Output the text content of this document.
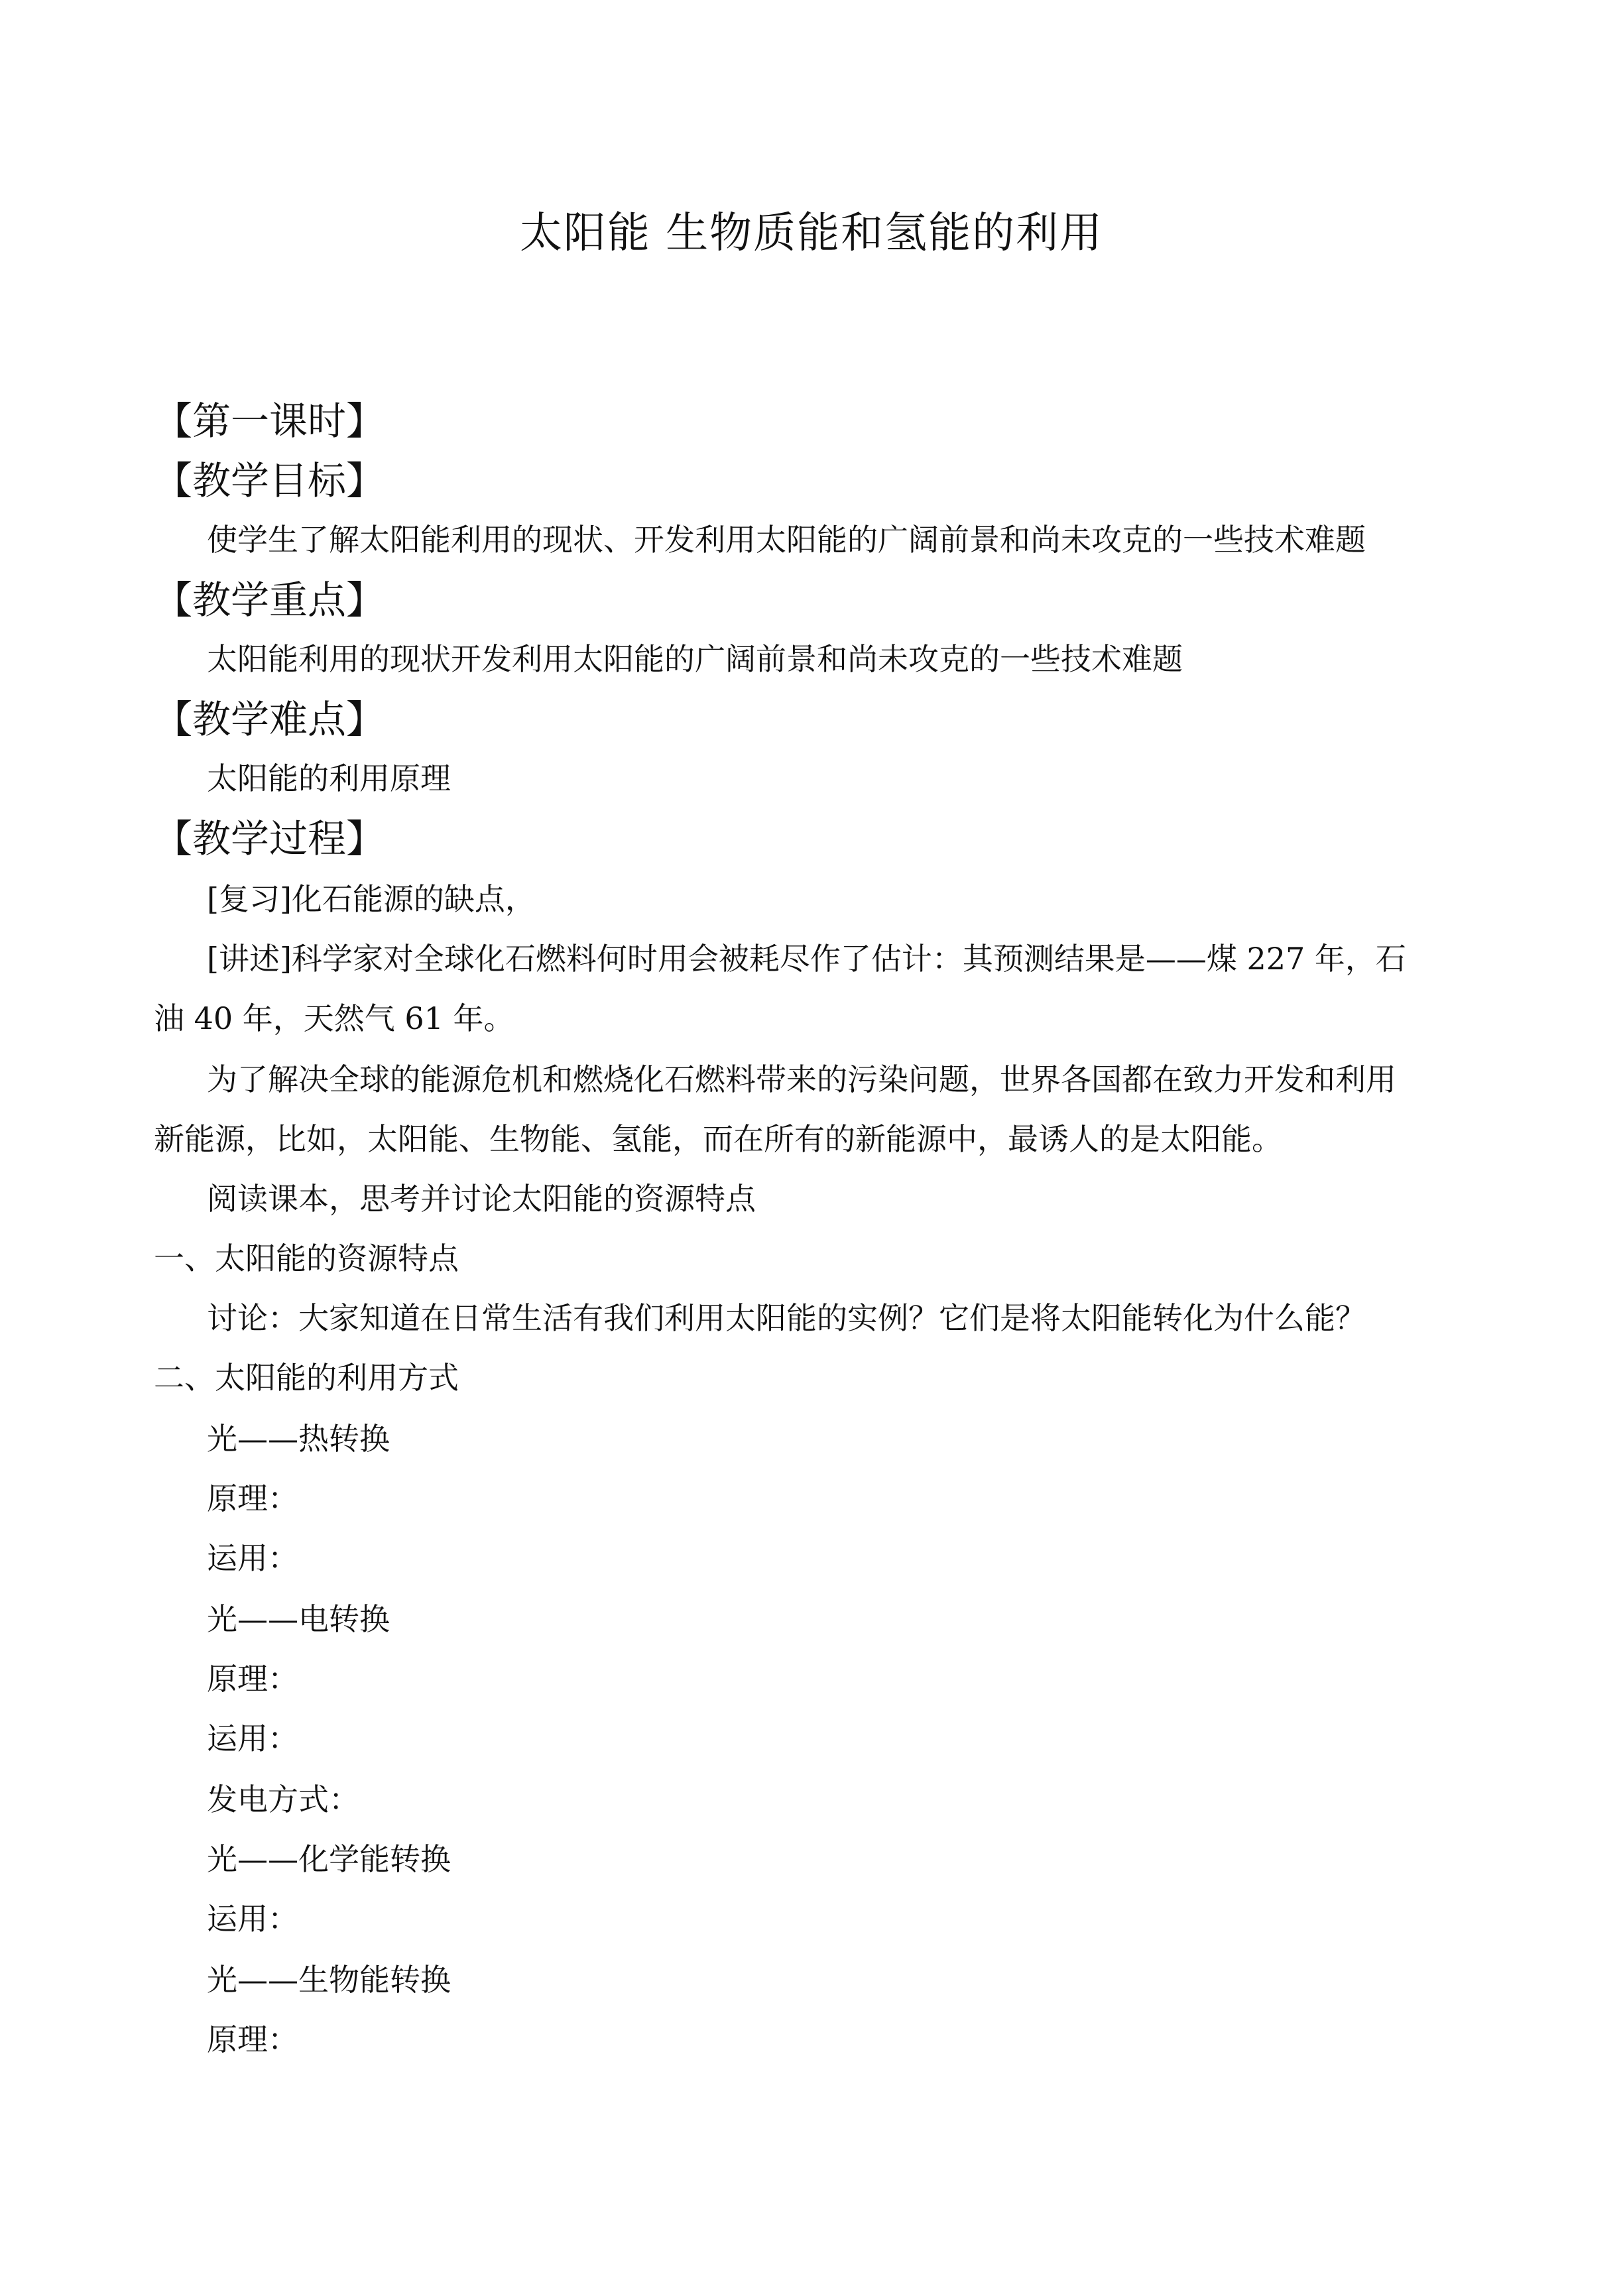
太阳能 生物质能和氢能的利用
【第一课时】
【教学目标】
使学生了解太阳能利用的现状、开发利用太阳能的广阔前景和尚未攻克的一些技术难题
【教学重点】
太阳能利用的现状开发利用太阳能的广阔前景和尚未攻克的一些技术难题
【教学难点】
太阳能的利用原理
【教学过程】
[复习]化石能源的缺点，
[讲述]科学家对全球化石燃料何时用会被耗尽作了估计：其预测结果是——煤 227 年，石
油 40 年，天然气 61 年。
为了解决全球的能源危机和燃烧化石燃料带来的污染问题，世界各国都在致力开发和利用
新能源，比如，太阳能、生物能、氢能，而在所有的新能源中，最诱人的是太阳能。
阅读课本，思考并讨论太阳能的资源特点
一、太阳能的资源特点
讨论：大家知道在日常生活有我们利用太阳能的实例？它们是将太阳能转化为什么能？
二、太阳能的利用方式
光——热转换
原理：
运用：
光——电转换
原理：
运用：
发电方式：
光——化学能转换
运用：
光——生物能转换
原理：
